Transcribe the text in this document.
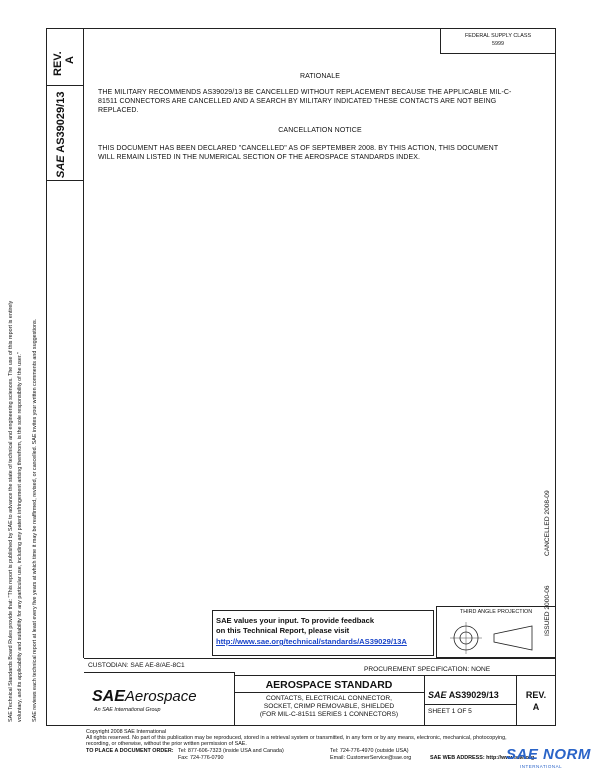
REV. A
SAE AS39029/13
SAE Technical Standards Board Rules provide that: "This report is published by SAE to advance the state of technical and engineering sciences. The use of this report is entirely voluntary, and its applicability and suitability for any particular use, including any patent infringement arising therefrom, is the sole responsibility of the user." SAE reviews each technical report at least every five years at which time it may be reaffirmed, revised, or cancelled. SAE invites your written comments and suggestions.
FEDERAL SUPPLY CLASS
5999
RATIONALE
THE MILITARY RECOMMENDS AS39029/13 BE CANCELLED WITHOUT REPLACEMENT BECAUSE THE APPLICABLE MIL-C-81511 CONNECTORS ARE CANCELLED AND A SEARCH BY MILITARY INDICATED THESE CONTACTS ARE NOT BEING REPLACED.
CANCELLATION NOTICE
THIS DOCUMENT HAS BEEN DECLARED "CANCELLED" AS OF SEPTEMBER 2008. BY THIS ACTION, THIS DOCUMENT WILL REMAIN LISTED IN THE NUMERICAL SECTION OF THE AEROSPACE STANDARDS INDEX.
ISSUED 2000-06
CANCELLED 2008-09
SAE values your input. To provide feedback
on this Technical Report, please visit
http://www.sae.org/technical/standards/AS39029/13A
THIRD ANGLE PROJECTION
CUSTODIAN: SAE AE-8/AE-8C1
PROCUREMENT SPECIFICATION: NONE
SAEAerospace
An SAE International Group
AEROSPACE STANDARD
CONTACTS, ELECTRICAL CONNECTOR,
SOCKET, CRIMP REMOVABLE, SHIELDED
(FOR MIL-C-81511 SERIES 1 CONNECTORS)
SAE AS39029/13
SHEET 1 OF 5
REV.
A
Copyright 2008 SAE International
All rights reserved. No part of this publication may be reproduced, stored in a retrieval system or transmitted, in any form or by any means, electronic, mechanical, photocopying,
recording, or otherwise, without the prior written permission of SAE.
TO PLACE A DOCUMENT ORDER: Tel: 877-606-7323 (inside USA and Canada)	Tel: 724-776-4970 (outside USA)
Fax: 724-776-0790	Email: CustomerService@sae.org	SAE WEB ADDRESS: http://www.sae.org
SAE NORM
INTERNATIONAL
